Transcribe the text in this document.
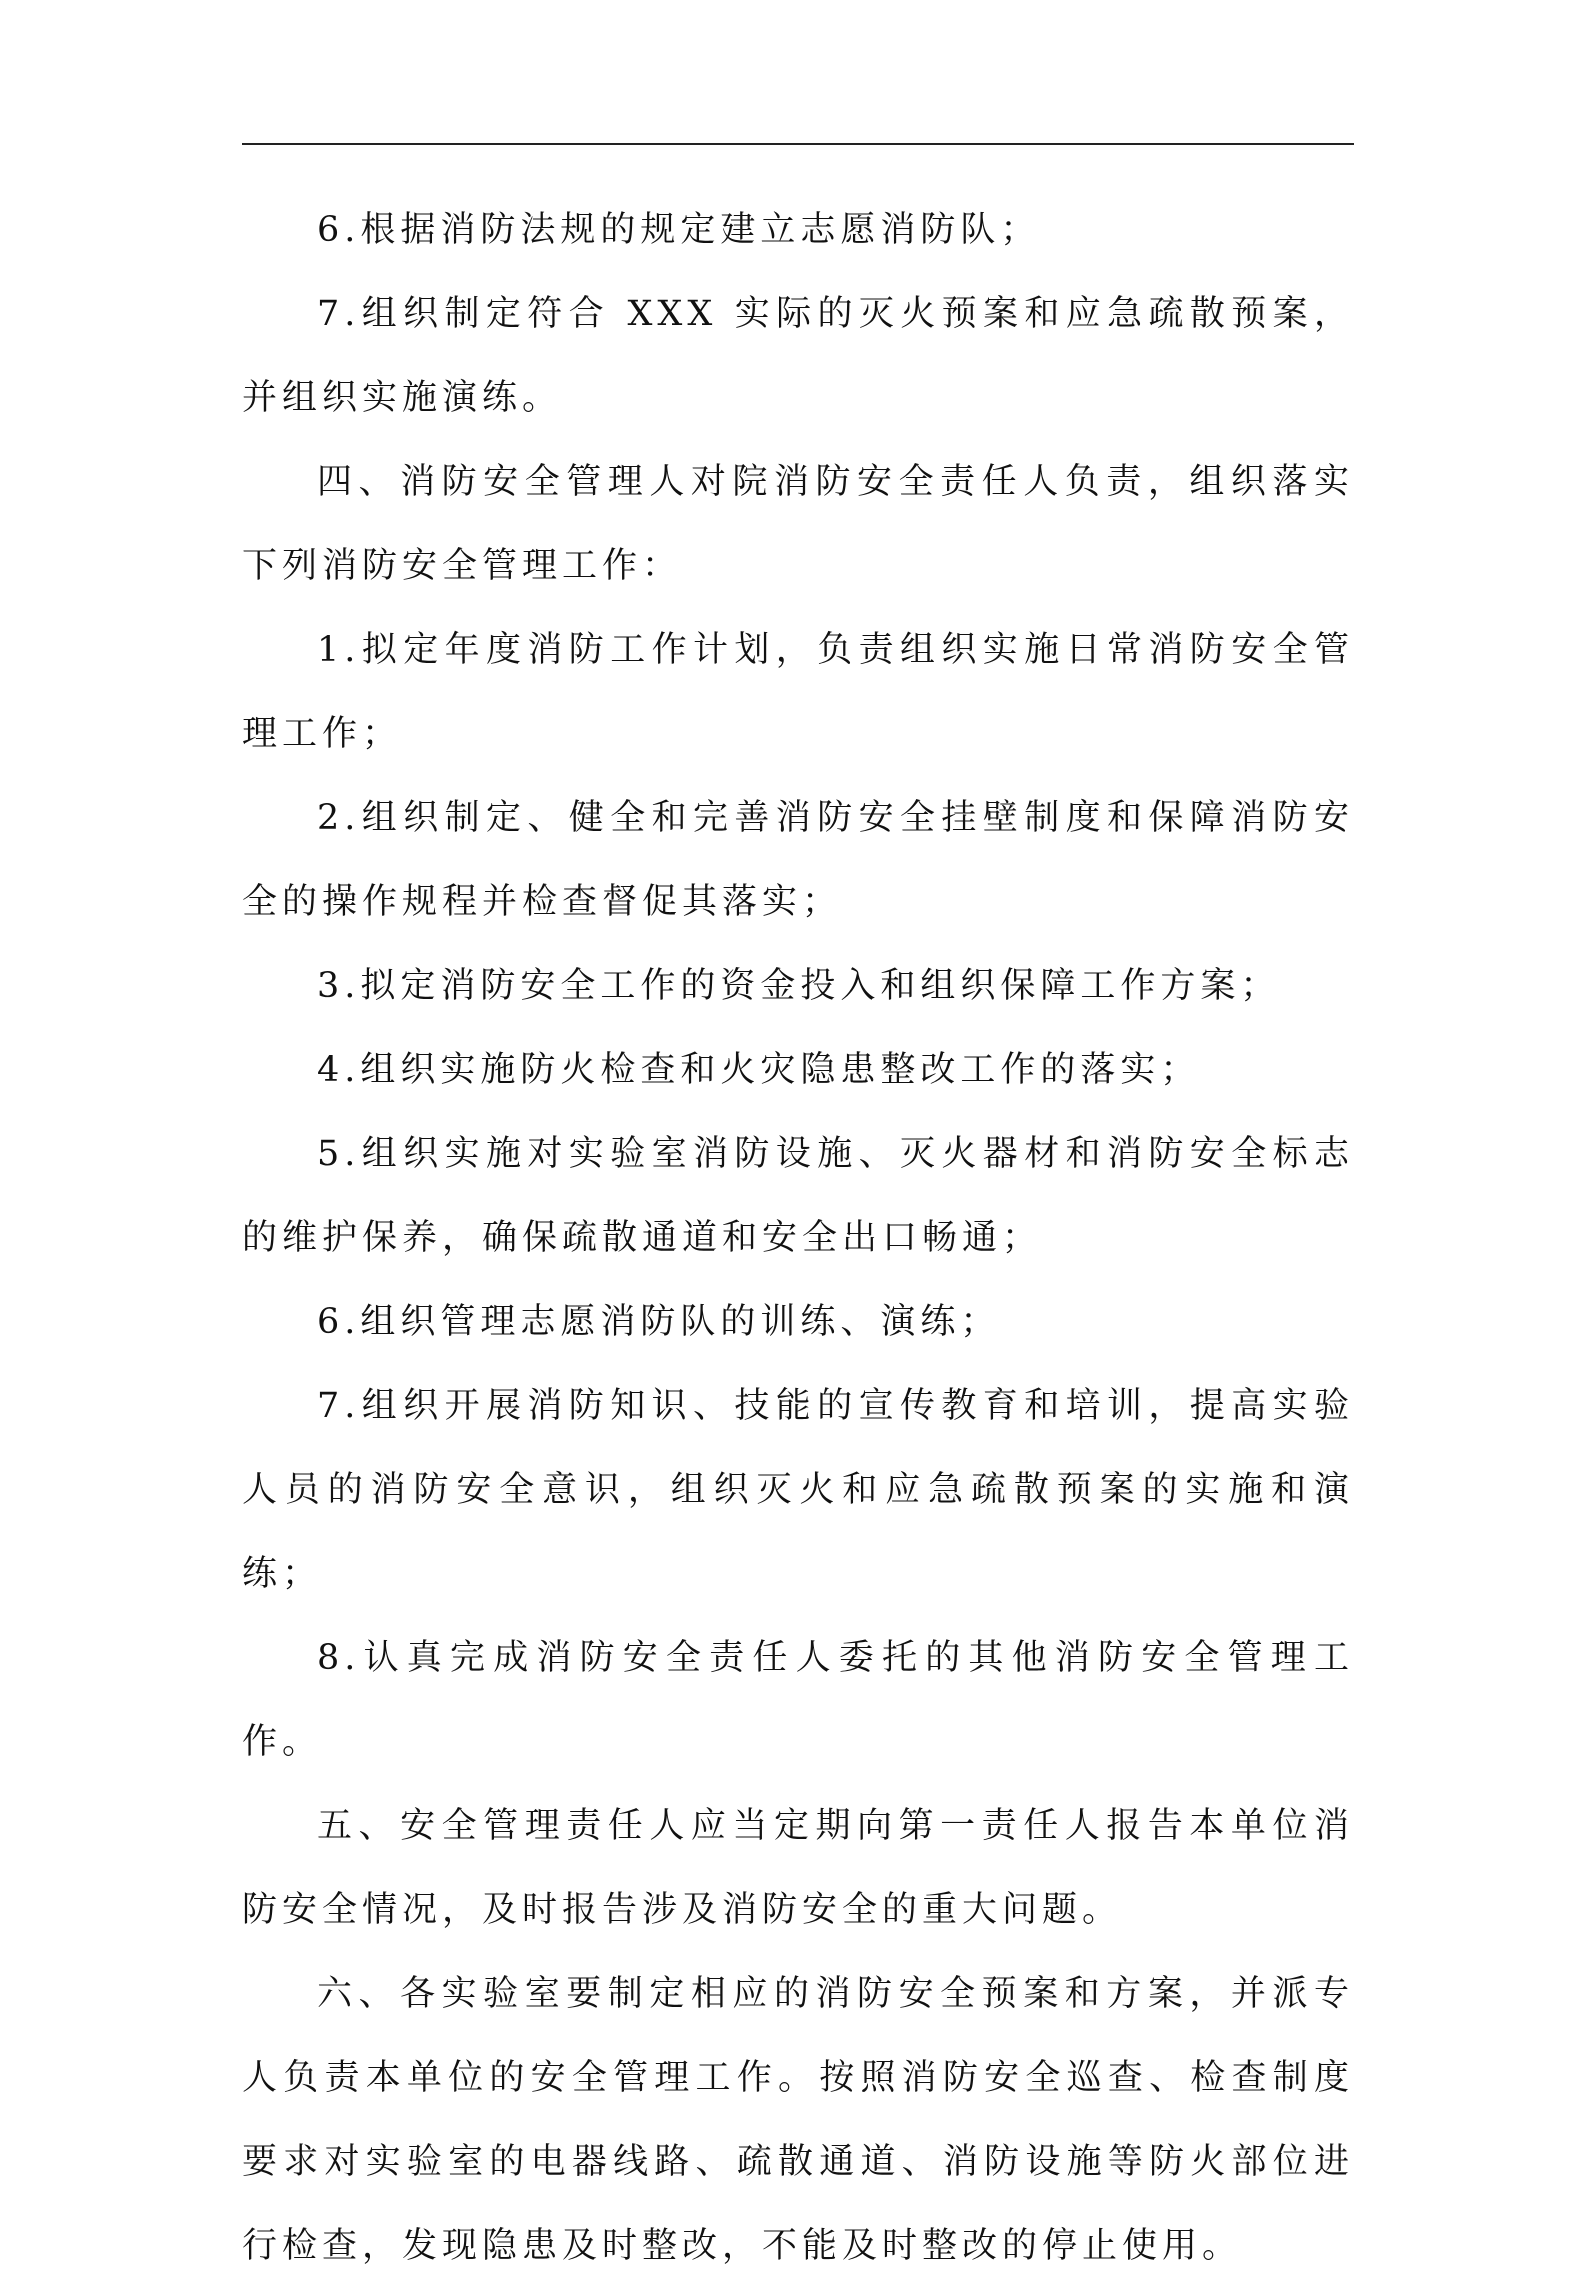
6.根据消防法规的规定建立志愿消防队；

7.组织制定符合 XXX 实际的灭火预案和应急疏散预案，并组织实施演练。

四、消防安全管理人对院消防安全责任人负责，组织落实下列消防安全管理工作：

1.拟定年度消防工作计划，负责组织实施日常消防安全管理工作；

2.组织制定、健全和完善消防安全挂壁制度和保障消防安全的操作规程并检查督促其落实；

3.拟定消防安全工作的资金投入和组织保障工作方案；

4.组织实施防火检查和火灾隐患整改工作的落实；

5.组织实施对实验室消防设施、灭火器材和消防安全标志的维护保养，确保疏散通道和安全出口畅通；

6.组织管理志愿消防队的训练、演练；

7.组织开展消防知识、技能的宣传教育和培训，提高实验人员的消防安全意识，组织灭火和应急疏散预案的实施和演练；

8.认真完成消防安全责任人委托的其他消防安全管理工作。

五、安全管理责任人应当定期向第一责任人报告本单位消防安全情况，及时报告涉及消防安全的重大问题。

六、各实验室要制定相应的消防安全预案和方案，并派专人负责本单位的安全管理工作。按照消防安全巡查、检查制度要求对实验室的电器线路、疏散通道、消防设施等防火部位进行检查，发现隐患及时整改，不能及时整改的停止使用。
